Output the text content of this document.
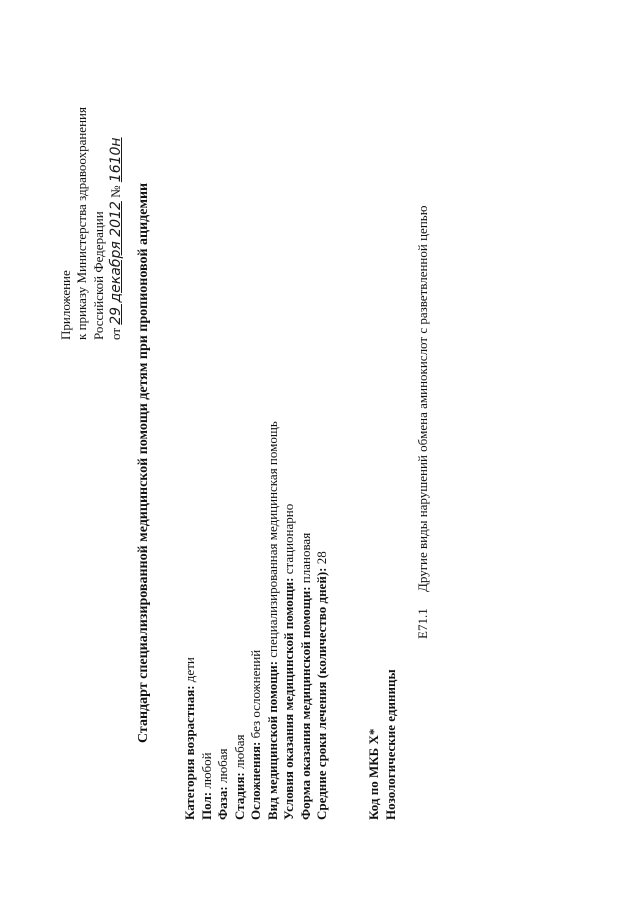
Приложение к приказу Министерства здравоохранения Российской Федерации от 29 декабря 2012 № 1610н
Стандарт специализированной медицинской помощи детям при пропионовой ацидемии
Категория возрастная: дети
Пол: любой
Фаза: любая
Стадия: любая Осложнения: без осложнений Вид медицинской помощи: специализированная медицинская помощь
Условия оказания медицинской помощи: стационарно
Форма оказания медицинской помощи: плановая
Средние сроки лечения (количество дней): 28
Код по МКБ X* Нозологические единицы
E71.1
Другие виды нарушений обмена аминокислот с разветвленной цепью
